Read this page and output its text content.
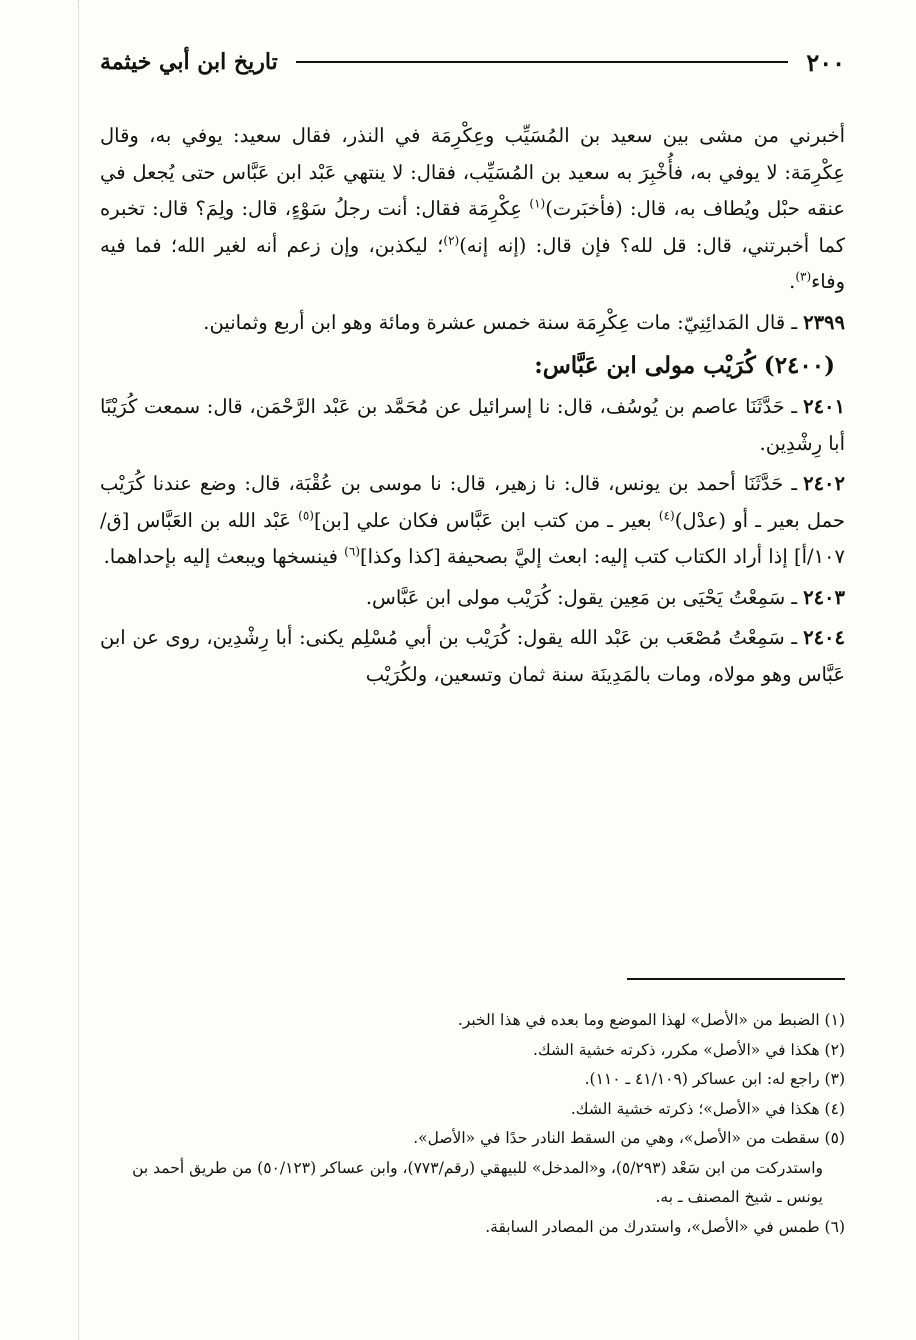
٢٠٠
تاريخ ابن أبي خيثمة

أخبرني من مشى بين سعيد بن المُسَيِّب وعِكْرِمَة في النذر، فقال سعيد: يوفي به، وقال عِكْرِمَة: لا يوفي به، فأُخْبِرَ به سعيد بن المُسَيِّب، فقال: لا ينتهي عَبْد ابن عَبَّاس حتى يُجعل في عنقه حبْل ويُطاف به، قال: (فأخبَرت)$^{(١)}$ عِكْرِمَة فقال: أنت رجلُ سَوْءٍ، قال: ولِمَ؟ قال: تخبره كما أخبرتني، قال: قل لله؟ فإن قال: (إنه إنه)$^{(٢)}$؛ ليكذبن، وإن زعم أنه لغير الله؛ فما فيه وفاء$^{(٣)}$.

٢٣٩٩ـ قال المَدائِنِيّ: مات عِكْرِمَة سنة خمس عشرة ومائة وهو ابن أربع وثمانين.

(٢٤٠٠) كُرَيْب مولى ابن عَبَّاس:

٢٤٠١ـ حَدَّثَنَا عاصم بن يُوسُف، قال: نا إسرائيل عن مُحَمَّد بن عَبْد الرَّحْمَن، قال: سمعت كُرَيْبًا أبا رِشْدِين.

٢٤٠٢ـ حَدَّثَنَا أحمد بن يونس، قال: نا زهير، قال: نا موسى بن عُقْبَة، قال: وضع عندنا كُرَيْب حمل بعير ـ أو (عدْل)$^{(٤)}$ بعير ـ من كتب ابن عَبَّاس فكان علي [بن]$^{(٥)}$ عَبْد الله بن العَبَّاس [ق/١٠٧/أ] إذا أراد الكتاب كتب إليه: ابعث إليَّ بصحيفة [كذا وكذا]$^{(٦)}$ فينسخها ويبعث إليه بإحداهما.

٢٤٠٣ـ سَمِعْتُ يَحْيَى بن مَعِين يقول: كُرَيْب مولى ابن عَبَّاس.

٢٤٠٤ـ سَمِعْتُ مُصْعَب بن عَبْد الله يقول: كُرَيْب بن أبي مُسْلِم يكنى: أبا رِشْدِين، روى عن ابن عَبَّاس وهو مولاه، ومات بالمَدِينَة سنة ثمان وتسعين، ولكُرَيْب

(١) الضبط من «الأصل» لهذا الموضع وما بعده في هذا الخبر.

(٢) هكذا في «الأصل» مكرر، ذكرته خشية الشك.

(٣) راجع له: ابن عساكر (٤١/١٠٩ ـ ١١٠).

(٤) هكذا في «الأصل»؛ ذكرته خشية الشك.

(٥) سقطت من «الأصل»، وهي من السقط النادر حدًا في «الأصل».

واستدركت من ابن سَعْد (٥/٢٩٣)، و«المدخل» للبيهقي (رقم/٧٧٣)، وابن عساكر (٥٠/١٢٣) من طريق أحمد بن يونس ـ شيخ المصنف ـ به.

(٦) طمس في «الأصل»، واستدرك من المصادر السابقة.
